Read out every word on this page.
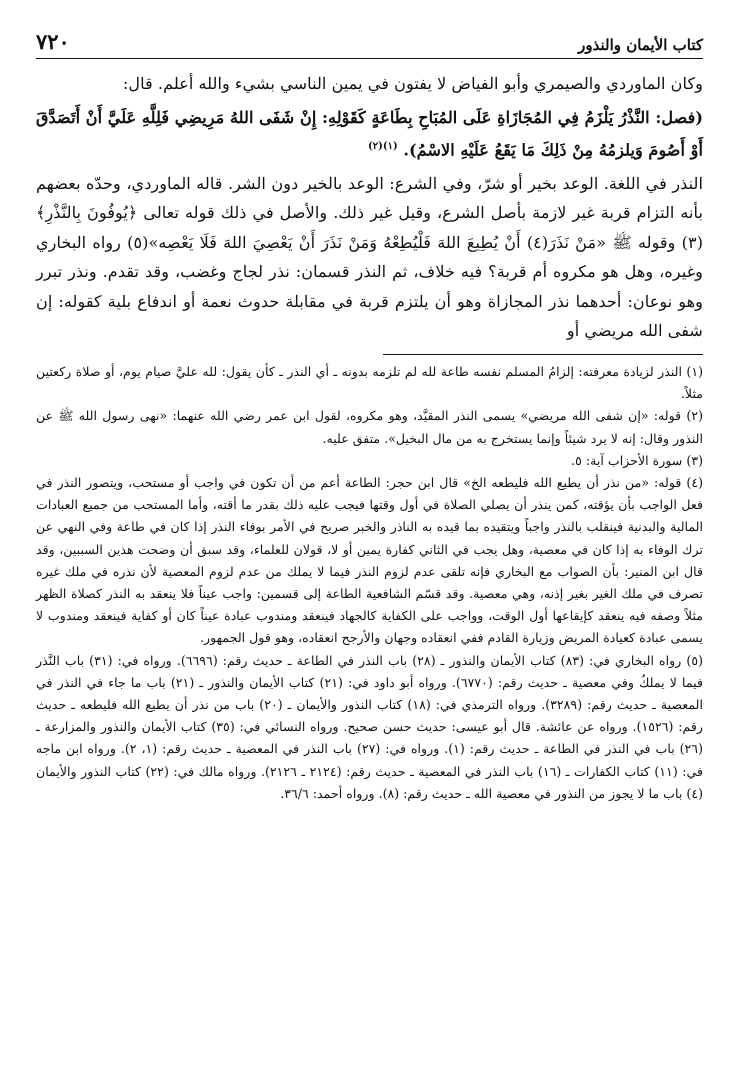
كتاب الأيمان والنذور
٧٢٠

وكان الماوردي والصيمري وأبو الفياض لا يفتون في يمين الناسي بشيء والله أعلم. قال:

(فصل: النَّذْرُ يَلْزَمُ فِي المُجَازَاةِ عَلَى المُبَاحِ بِطَاعَةٍ كَقَوْلِهِ: إِنْ شَفَى اللهُ مَرِيضِي فَلِلَّهِ عَلَيَّ أَنْ أَتَصَدَّقَ أَوْ أَصُومَ وَيلزمُهُ مِنْ ذَلِكَ مَا يَقَعُ عَلَيْهِ الاسْمُ). $^{(١)(٢)}$

النذر في اللغة. الوعد بخير أو شرّ، وفي الشرع: الوعد بالخير دون الشر. قاله الماوردي، وحدّه بعضهم بأنه التزام قربة غير لازمة بأصل الشرع، وقيل غير ذلك. والأصل في ذلك قوله تعالى ﴿يُوفُونَ بِالنَّذْرِ﴾(٣) وقوله ﷺ «مَنْ نَذَرَ(٤) أَنْ يُطِيعَ اللهَ فَلْيُطِعْهُ وَمَنْ نَذَرَ أَنْ يَعْصِيَ اللهَ فَلَا يَعْصِه»(٥) رواه البخاري وغيره، وهل هو مكروه أم قربة؟ فيه خلاف، ثم النذر قسمان: نذر لجاج وغضب، وقد تقدم. ونذر تبرر وهو نوعان: أحدهما نذر المجازاة وهو أن يلتزم قربة في مقابلة حدوث نعمة أو اندفاع بلية كقوله: إن شفى الله مريضي أو

(١) النذر لزيادة معرفته: إلزامُ المسلم نفسه طاعة لله لم تلزمه بدونه ـ أي النذر ـ كأن يقول: لله عليَّ صيام يوم، أو صلاة ركعتين مثلاً.

(٢) قوله: «إن شفى الله مريضي» يسمى النذر المقيَّد، وهو مكروه، لقول ابن عمر رضي الله عنهما: «نهى رسول الله ﷺ عن النذور وقال: إنه لا يرد شيئاً وإنما يستخرج به من مال البخيل». متفق عليه.

(٣) سورة الأحزاب آية: ٥.

(٤) قوله: «من نذر أن يطيع الله فليطعه الخ» قال ابن حجر: الطاعة أعم من أن تكون في واجب أو مستحب، ويتصور النذر في فعل الواجب بأن يؤقته، كمن ينذر أن يصلي الصلاة في أول وقتها فيجب عليه ذلك بقدر ما أقته، وأما المستحب من جميع العبادات المالية والبدنية فينقلب بالنذر واجباً ويتقيده بما قيده به الناذر والخبر صريح في الأمر بوفاء النذر إذا كان في طاعة وفي النهي عن ترك الوفاء به إذا كان في معصية، وهل يجب في الثاني كفارة يمين أو لا، قولان للعلماء، وقد سبق أن وضحت هذين السببين، وقد قال ابن المنير: بأن الصواب مع البخاري فإنه تلقى عدم لزوم النذر فيما لا يملك من عدم لزوم المعصية لأن نذره في ملك غيره تصرف في ملك الغير بغير إذنه، وهي معصية. وقد قسّم الشافعية الطاعة إلى قسمين: واجب عيناً فلا ينعقد به النذر كصلاة الظهر مثلاً وصفه فيه ينعقد كإيقاعها أول الوقت، وواجب على الكفاية كالجهاد فينعقد ومندوب عبادة عيناً كان أو كفاية فينعقد ومندوب لا يسمى عبادة كعيادة المريض وزيارة القادم ففي انعقاده وجهان والأرجح انعقاده، وهو قول الجمهور.

(٥) رواه البخاري في: (٨٣) كتاب الأيمان والنذور ـ (٢٨) باب النذر في الطاعة ـ حديث رقم: (٦٦٩٦). ورواه في: (٣١) باب النَّذر فيما لا يملكُ وفي معصية ـ حديث رقم: (٦٧٧٠). ورواه أبو داود في: (٢١) كتاب الأيمان والنذور ـ (٢١) باب ما جاء في النذر في المعصية ـ حديث رقم: (٣٢٨٩). ورواه الترمذي في: (١٨) كتاب النذور والأيمان ـ (٢٠) باب من نذر أن يطيع الله فليطعه ـ حديث رقم: (١٥٢٦). ورواه عن عائشة. قال أبو عيسى: حديث حسن صحيح. ورواه النسائي في: (٣٥) كتاب الأيمان والنذور والمزارعة ـ (٢٦) باب في النذر في الطاعة ـ حديث رقم: (١). ورواه في: (٢٧) باب النذر في المعصية ـ حديث رقم: (١، ٢). ورواه ابن ماجه في: (١١) كتاب الكفارات ـ (١٦) باب النذر في المعصية ـ حديث رقم: (٢١٢٤ ـ ٢١٢٦). ورواه مالك في: (٢٢) كتاب النذور والأيمان (٤) باب ما لا يجوز من النذور في معصية الله ـ حديث رقم: (٨). ورواه أحمد: ٣٦/٦.
